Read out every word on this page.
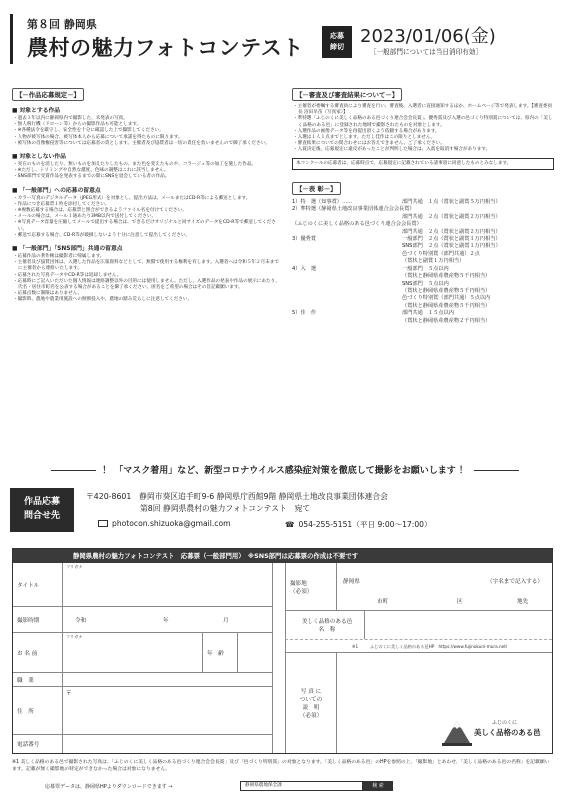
第８回 静岡県
農村の魅力フォトコンテスト	応募
締切 2023/01/06(金)
［一般部門については当日消印有効］
【－作品応募規定－】
■ 対象とする作品
・ 過去３年以内に静岡県内で撮影した、未発表の写真。
・ 無人飛行機（ドローン等）からの撮影作品も可能とします。
・ ※各種法令を厳守し、安全性を十分に確認した上で撮影してください。
・ 人物が被写体の場合、被写体本人から応募について承諾を得たものに限ります。
・ 被写体の肖像権侵害等については応募者の責とします。主催者及び協賛者は一切の責任を負いませんので御了承ください。
■ 対象としない作品
・ 実在のものを消したり、無いものを加えたりしたもの、また色を変えたものや、コラージュ等の加工を施した作品。
・ ※ただし、トリミングや自然な濃度、色味の調整はこれに該当しません。
・ SNS部門で受賞作品を発表するまでの間にSNSを退会している者の作品。
■ 「一般部門」への応募の留意点
・ カラー写真のデジタルデータ（JPEG形式）を対象とし、提出方法は、メールまたはCD-R等による郵送とします。
・ 作品につき応募票１枚を添付してください。
・ ※複数応募する場合は、応募票と照合ができるようファイル名を付けてください。
・ メールの場合は、メール１通あたり3MB以内で送付してください。
・ ※写真データ容量を圧縮してメールで提出する場合は、できるだけオリジナルと同サイズのデータをCD-R等で郵送してください。
・ 郵送で応募する場合、CD-R等が破損しないよう十分に注意して提出してください。
■ 「一般部門」「SNS部門」共通の留意点
・ 応募作品の著作権は撮影者に帰属します。
・ 主催者及び協賛団体は、入選した作品を広報資料などとして、無償で使用する権利を有します。入選者へは令和５年２月末までに主催者から連絡いたします。
・ 応募された写真データやCD-R等は返却しません。
・ 応募時にご記入いただいた個人情報は連絡調整以外の目的には使用しません。ただし、入選作品の発表や作品の展示にあたり、氏名・居住市町名を公表する場合があることを御了承ください。匿名をご希望の場合はその旨記載願います。
・ 応募点数に制限はありません。
・ 撮影時、農地や農業用施設への無断侵入や、農地の踏み荒らしに注意してください。
【－審査及び審査結果について－】
・ 主催者が委嘱する審査員により審査を行い、審査後、入選者に直接通知するほか、ホームページ等で発表します。【審査委員長 沼田早苗（写真家）】
・ 準特選「ふじのくに美しく品格のある邑づくり連合会会長賞」、優秀賞及び入選の邑づくり特別賞については、県内の「美しく品格のある邑」に登録された地域で撮影されたものを対象とします。
・ 入選作品の画像データ等を再提出頂くよう依頼する場合があります。
・ 入選は１人１点までとします。ただし佳作はこの限りとしません。
・ 審査結果についての問合わせにはお答えできません。ご了承ください。
・ 入賞決定後、応募規定に違反があったことが判明した場合は、入賞を取消す場合があります。
本コンクールの応募者は、応募時点で、応募規定に記載されている諸事項に同意したものとみなします。
【－表 彰－】
1）特　選（知事賞）……	部門共通　１点（賞状と副賞５万円相当）
2）準特選（静岡県土地改良事業団体連合会会長賞）
部門共通　２点（賞状と副賞２万円相当）
（ふじのくに美しく品格のある邑づくり連合会会長賞）
部門共通　２点（賞状と副賞２万円相当）
3）優秀賞	一般部門　２点（賞状と副賞１万円相当）
SNS部門　２点（賞状と副賞１万円相当）
邑づくり特別賞（部門共通）２点
（賞状と副賞１万円相当）
4）入　選	一般部門　５点以内
（賞状と静岡県産農産物５千円相当）
SNS部門　５点以内
（賞状と静岡県産農産物５千円相当）
邑づくり特別賞（部門共通）５点以内
（賞状と静岡県産農産物５千円相当）
5）佳　作	部門共通　１５点以内
（賞状と静岡県産農産物２千円相当）
！ 「マスク着用」など、新型コロナウイルス感染症対策を徹底して撮影をお願いします ！
作品応募
問合せ先
〒420-8601　静岡市葵区追手町9-6 静岡県庁西館9階 静岡県土地改良事業団体連合会
第8回 静岡県農村の魅力フォトコンテスト　宛て
photocon.shizuoka@gmail.com	☎ 054-255-5151（平日 9:00〜17:00）
静岡県農村の魅力フォトコンテスト　応募票（一般部門用）　※SNS部門は応募票の作成は不要です
タイトル
フリガナ
撮影時期	令和	年	月
お 名 前
フリガナ
年　齢
職　業
住　所
〒
電話番号
撮影地
（必須）
静岡県	（字名まで記入する）
市町	区	地先
美しく品格のある邑
名　称
※1	ふじのくに美しく品格のある邑HP　https://www.fujinokuni-mura.net/
写 真 に
ついての
説　明
（必須）
ふじのくに
美しく品格のある邑
※1 美しく品格のある邑で撮影された写真は、「ふじのくに美しく品格のある邑づくり連合会会長賞」及び「邑づくり特別賞」の対象となります。「美しく品格のある邑」のHPを参照の上、「撮影地」とあわせ、「美しく品格のある邑の名称」を記載願います。記載が無く撮影地の特定ができなかった場合は対象になりません。
応募票データは、静岡県HPよりダウンロードできます →	静岡県農地保全課	検 索
